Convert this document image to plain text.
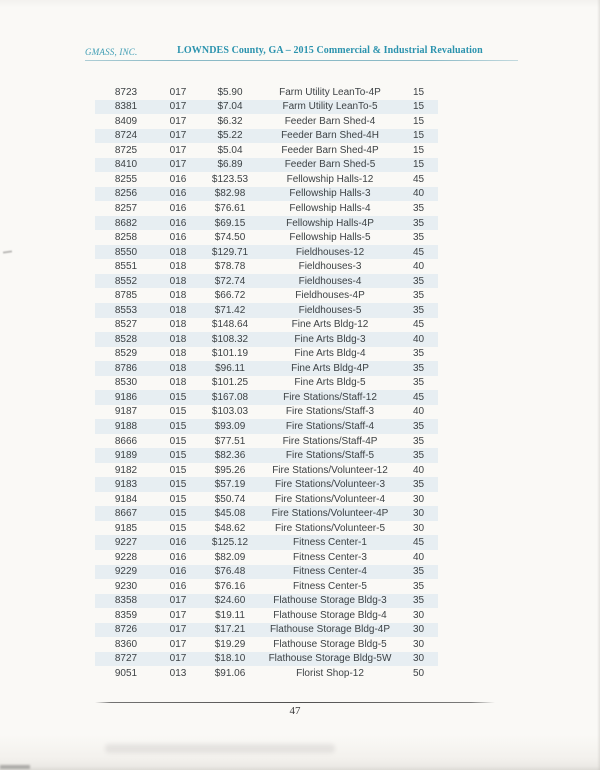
GMASS, INC.	LOWNDES County, GA – 2015 Commercial & Industrial Revaluation
8723	017	$5.90	Farm Utility LeanTo-4P	15
8381	017	$7.04	Farm Utility LeanTo-5	15
8409	017	$6.32	Feeder Barn Shed-4	15
8724	017	$5.22	Feeder Barn Shed-4H	15
8725	017	$5.04	Feeder Barn Shed-4P	15
8410	017	$6.89	Feeder Barn Shed-5	15
8255	016	$123.53	Fellowship Halls-12	45
8256	016	$82.98	Fellowship Halls-3	40
8257	016	$76.61	Fellowship Halls-4	35
8682	016	$69.15	Fellowship Halls-4P	35
8258	016	$74.50	Fellowship Halls-5	35
8550	018	$129.71	Fieldhouses-12	45
8551	018	$78.78	Fieldhouses-3	40
8552	018	$72.74	Fieldhouses-4	35
8785	018	$66.72	Fieldhouses-4P	35
8553	018	$71.42	Fieldhouses-5	35
8527	018	$148.64	Fine Arts Bldg-12	45
8528	018	$108.32	Fine Arts Bldg-3	40
8529	018	$101.19	Fine Arts Bldg-4	35
8786	018	$96.11	Fine Arts Bldg-4P	35
8530	018	$101.25	Fine Arts Bldg-5	35
9186	015	$167.08	Fire Stations/Staff-12	45
9187	015	$103.03	Fire Stations/Staff-3	40
9188	015	$93.09	Fire Stations/Staff-4	35
8666	015	$77.51	Fire Stations/Staff-4P	35
9189	015	$82.36	Fire Stations/Staff-5	35
9182	015	$95.26	Fire Stations/Volunteer-12	40
9183	015	$57.19	Fire Stations/Volunteer-3	35
9184	015	$50.74	Fire Stations/Volunteer-4	30
8667	015	$45.08	Fire Stations/Volunteer-4P	30
9185	015	$48.62	Fire Stations/Volunteer-5	30
9227	016	$125.12	Fitness Center-1	45
9228	016	$82.09	Fitness Center-3	40
9229	016	$76.48	Fitness Center-4	35
9230	016	$76.16	Fitness Center-5	35
8358	017	$24.60	Flathouse Storage Bldg-3	35
8359	017	$19.11	Flathouse Storage Bldg-4	30
8726	017	$17.21	Flathouse Storage Bldg-4P	30
8360	017	$19.29	Flathouse Storage Bldg-5	30
8727	017	$18.10	Flathouse Storage Bldg-5W	30
9051	013	$91.06	Florist Shop-12	50
47
